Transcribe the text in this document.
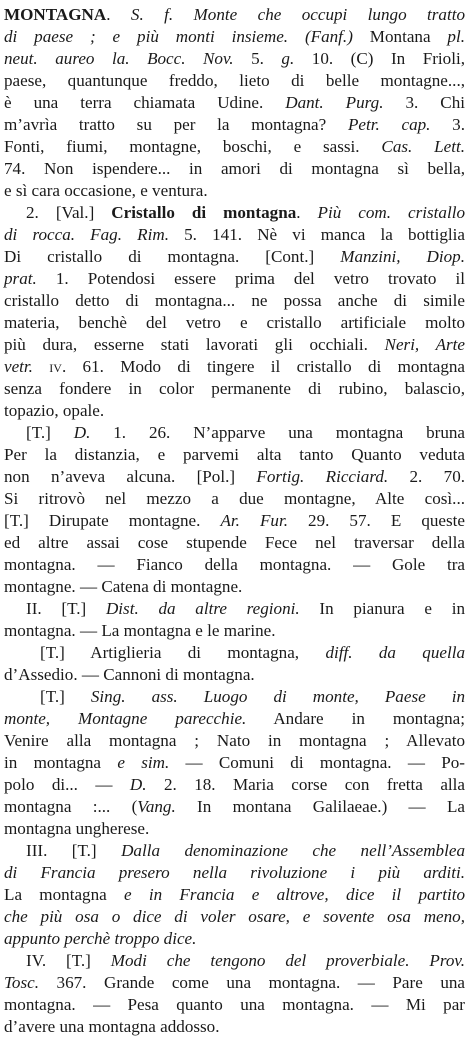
MONTAGNA. S. f. Monte che occupi lungo tratto
di paese ; e più monti insieme. (Fanf.) Montana pl.
neut. aureo la. Bocc. Nov. 5. g. 10. (C) In Frioli,
paese, quantunque freddo, lieto di belle montagne...,
è una terra chiamata Udine. Dant. Purg. 3. Chi
m’avrìa tratto su per la montagna? Petr. cap. 3.
Fonti, fiumi, montagne, boschi, e sassi. Cas. Lett.
74. Non ispendere... in amori di montagna sì bella,
e sì cara occasione, e ventura.
2. [Val.] Cristallo di montagna. Più com. cristallo
di rocca. Fag. Rim. 5. 141. Nè vi manca la bottiglia
Di cristallo di montagna. [Cont.] Manzini, Diop.
prat. 1. Potendosi essere prima del vetro trovato il
cristallo detto di montagna... ne possa anche di simile
materia, benchè del vetro e cristallo artificiale molto
più dura, esserne stati lavorati gli occhiali. Neri, Arte
vetr. iv. 61. Modo di tingere il cristallo di montagna
senza fondere in color permanente di rubino, balascio,
topazio, opale.
[T.] D. 1. 26. N’apparve una montagna bruna
Per la distanzia, e parvemi alta tanto Quanto veduta
non n’aveva alcuna. [Pol.] Fortig. Ricciard. 2. 70.
Si ritrovò nel mezzo a due montagne, Alte così...
[T.] Dirupate montagne. Ar. Fur. 29. 57. E queste
ed altre assai cose stupende Fece nel traversar della
montagna. — Fianco della montagna. — Gole tra
montagne. — Catena di montagne.
II. [T.] Dist. da altre regioni. In pianura e in
montagna. — La montagna e le marine.
[T.] Artiglieria di montagna, diff. da quella
d’Assedio. — Cannoni di montagna.
[T.] Sing. ass. Luogo di monte, Paese in
monte, Montagne parecchie. Andare in montagna;
Venire alla montagna ; Nato in montagna ; Allevato
in montagna e sim. — Comuni di montagna. — Po-
polo di... — D. 2. 18. Maria corse con fretta alla
montagna :... (Vang. In montana Galilaeae.) — La
montagna ungherese.
III. [T.] Dalla denominazione che nell’Assemblea
di Francia presero nella rivoluzione i più arditi.
La montagna e in Francia e altrove, dice il partito
che più osa o dice di voler osare, e sovente osa meno,
appunto perchè troppo dice.
IV. [T.] Modi che tengono del proverbiale. Prov.
Tosc. 367. Grande come una montagna. — Pare una
montagna. — Pesa quanto una montagna. — Mi par
d’avere una montagna addosso.
